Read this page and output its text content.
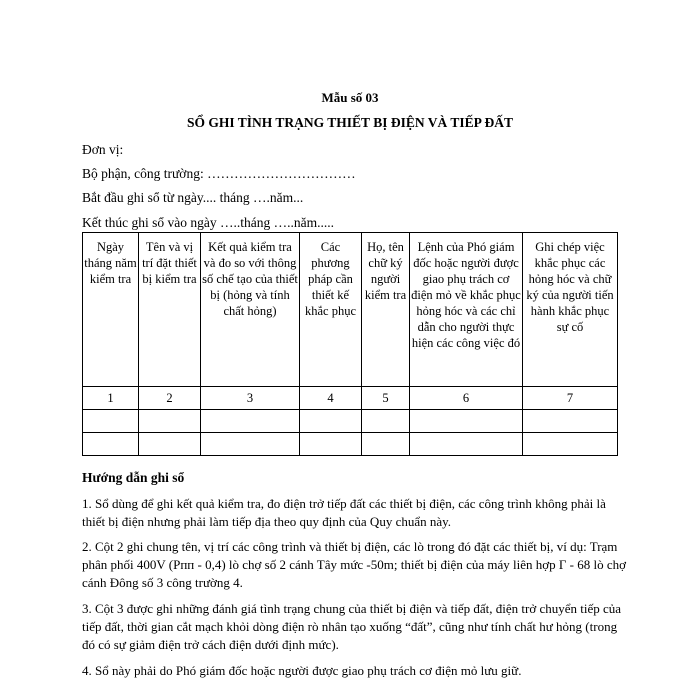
Mẫu số 03
SỔ GHI TÌNH TRẠNG THIẾT BỊ ĐIỆN VÀ TIẾP ĐẤT
Đơn vị:
Bộ phận, công trường: ……………………………
Bắt đầu ghi sổ từ ngày.... tháng ….năm...
Kết thúc ghi sổ vào ngày …..tháng …..năm.....
Ngày tháng năm kiểm tra	Tên và vị trí đặt thiết bị kiểm tra	Kết quả kiểm tra và đo so với thông số chế tạo của thiết bị (hỏng và tính chất hỏng)	Các phương pháp cần thiết kế khắc phục	Họ, tên chữ ký người kiểm tra	Lệnh của Phó giám đốc hoặc người được giao phụ trách cơ điện mỏ về khắc phục hỏng hóc và các chỉ dẫn cho người thực hiện các công việc đó	Ghi chép việc khắc phục các hỏng hóc và chữ ký của người tiến hành khắc phục sự cố
1	2	3	4	5	6	7

Hướng dẫn ghi sổ

1. Sổ dùng để ghi kết quả kiểm tra, đo điện trở tiếp đất các thiết bị điện, các công trình không phải là thiết bị điện nhưng phải làm tiếp địa theo quy định của Quy chuẩn này.

2. Cột 2 ghi chung tên, vị trí các công trình và thiết bị điện, các lò trong đó đặt các thiết bị, ví dụ: Trạm phân phối 400V (Рпп - 0,4) lò chợ số 2 cánh Tây mức -50m; thiết bị điện của máy liên hợp Г - 68 lò chợ cánh Đông số 3 công trường 4.

3. Cột 3 được ghi những đánh giá tình trạng chung của thiết bị điện và tiếp đất, điện trở chuyển tiếp của tiếp đất, thời gian cắt mạch khỏi dòng điện rò nhân tạo xuống “đất”, cũng như tính chất hư hỏng (trong đó có sự giảm điện trở cách điện dưới định mức).

4. Sổ này phải do Phó giám đốc hoặc người được giao phụ trách cơ điện mỏ lưu giữ.
